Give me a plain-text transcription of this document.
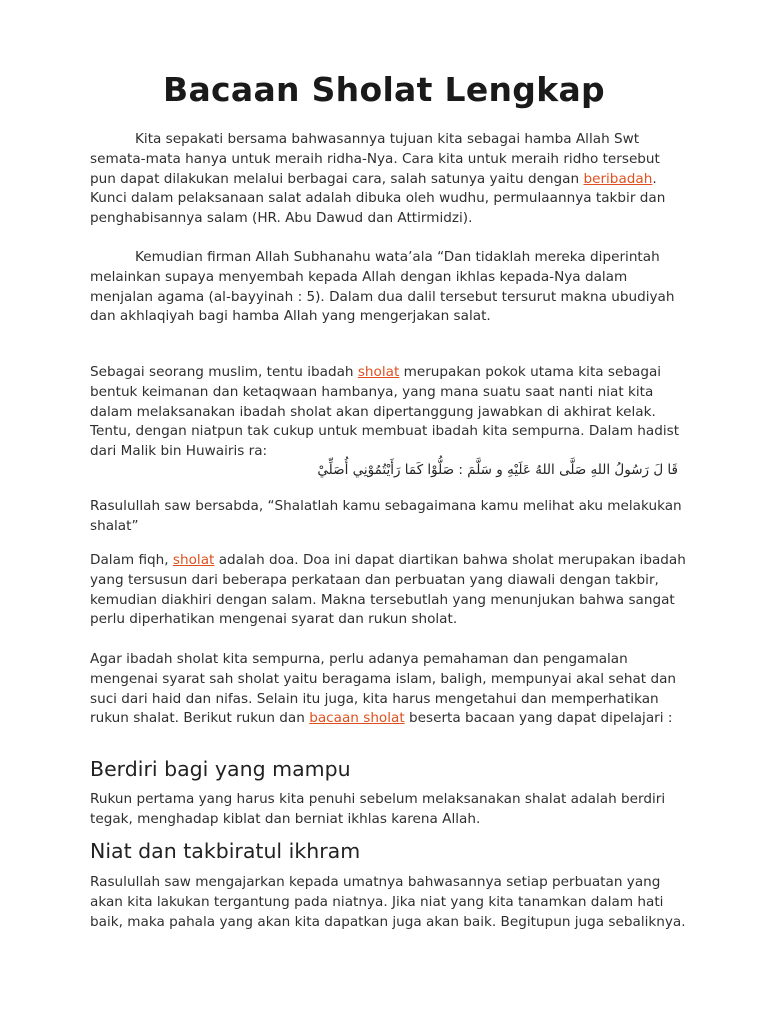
Bacaan Sholat Lengkap

Kita sepakati bersama bahwasannya tujuan kita sebagai hamba Allah Swt semata-mata hanya untuk meraih ridha-Nya. Cara kita untuk meraih ridho tersebut pun dapat dilakukan melalui berbagai cara, salah satunya yaitu dengan beribadah. Kunci dalam pelaksanaan salat adalah dibuka oleh wudhu, permulaannya takbir dan penghabisannya salam (HR. Abu Dawud dan Attirmidzi).

Kemudian firman Allah Subhanahu wata’ala “Dan tidaklah mereka diperintah melainkan supaya menyembah kepada Allah dengan ikhlas kepada-Nya dalam menjalan agama (al-bayyinah : 5). Dalam dua dalil tersebut tersurut makna ubudiyah dan akhlaqiyah bagi hamba Allah yang mengerjakan salat.

Sebagai seorang muslim, tentu ibadah sholat merupakan pokok utama kita sebagai bentuk keimanan dan ketaqwaan hambanya, yang mana suatu saat nanti niat kita dalam melaksanakan ibadah sholat akan dipertanggung jawabkan di akhirat kelak. Tentu, dengan niatpun tak cukup untuk membuat ibadah kita sempurna. Dalam hadist dari Malik bin Huwairis ra:

قَا لَ رَسُولُ اللهِ صَلَّى اللهُ عَلَيْهِ و سَلَّمَ : صَلُّوْا كَمَا رَأَيْتُمُوْنِي أُصَلِّيْ

Rasulullah saw bersabda, “Shalatlah kamu sebagaimana kamu melihat aku melakukan shalat”

Dalam fiqh, sholat adalah doa. Doa ini dapat diartikan bahwa sholat merupakan ibadah yang tersusun dari beberapa perkataan dan perbuatan yang diawali dengan takbir, kemudian diakhiri dengan salam. Makna tersebutlah yang menunjukan bahwa sangat perlu diperhatikan mengenai syarat dan rukun sholat.

Agar ibadah sholat kita sempurna, perlu adanya pemahaman dan pengamalan mengenai syarat sah sholat yaitu beragama islam, baligh, mempunyai akal sehat dan suci dari haid dan nifas. Selain itu juga, kita harus mengetahui dan memperhatikan rukun shalat. Berikut rukun dan bacaan sholat beserta bacaan yang dapat dipelajari :

Berdiri bagi yang mampu

Rukun pertama yang harus kita penuhi sebelum melaksanakan shalat adalah berdiri tegak, menghadap kiblat dan berniat ikhlas karena Allah.

Niat dan takbiratul ikhram

Rasulullah saw mengajarkan kepada umatnya bahwasannya setiap perbuatan yang akan kita lakukan tergantung pada niatnya. Jika niat yang kita tanamkan dalam hati baik, maka pahala yang akan kita dapatkan juga akan baik. Begitupun juga sebaliknya.
